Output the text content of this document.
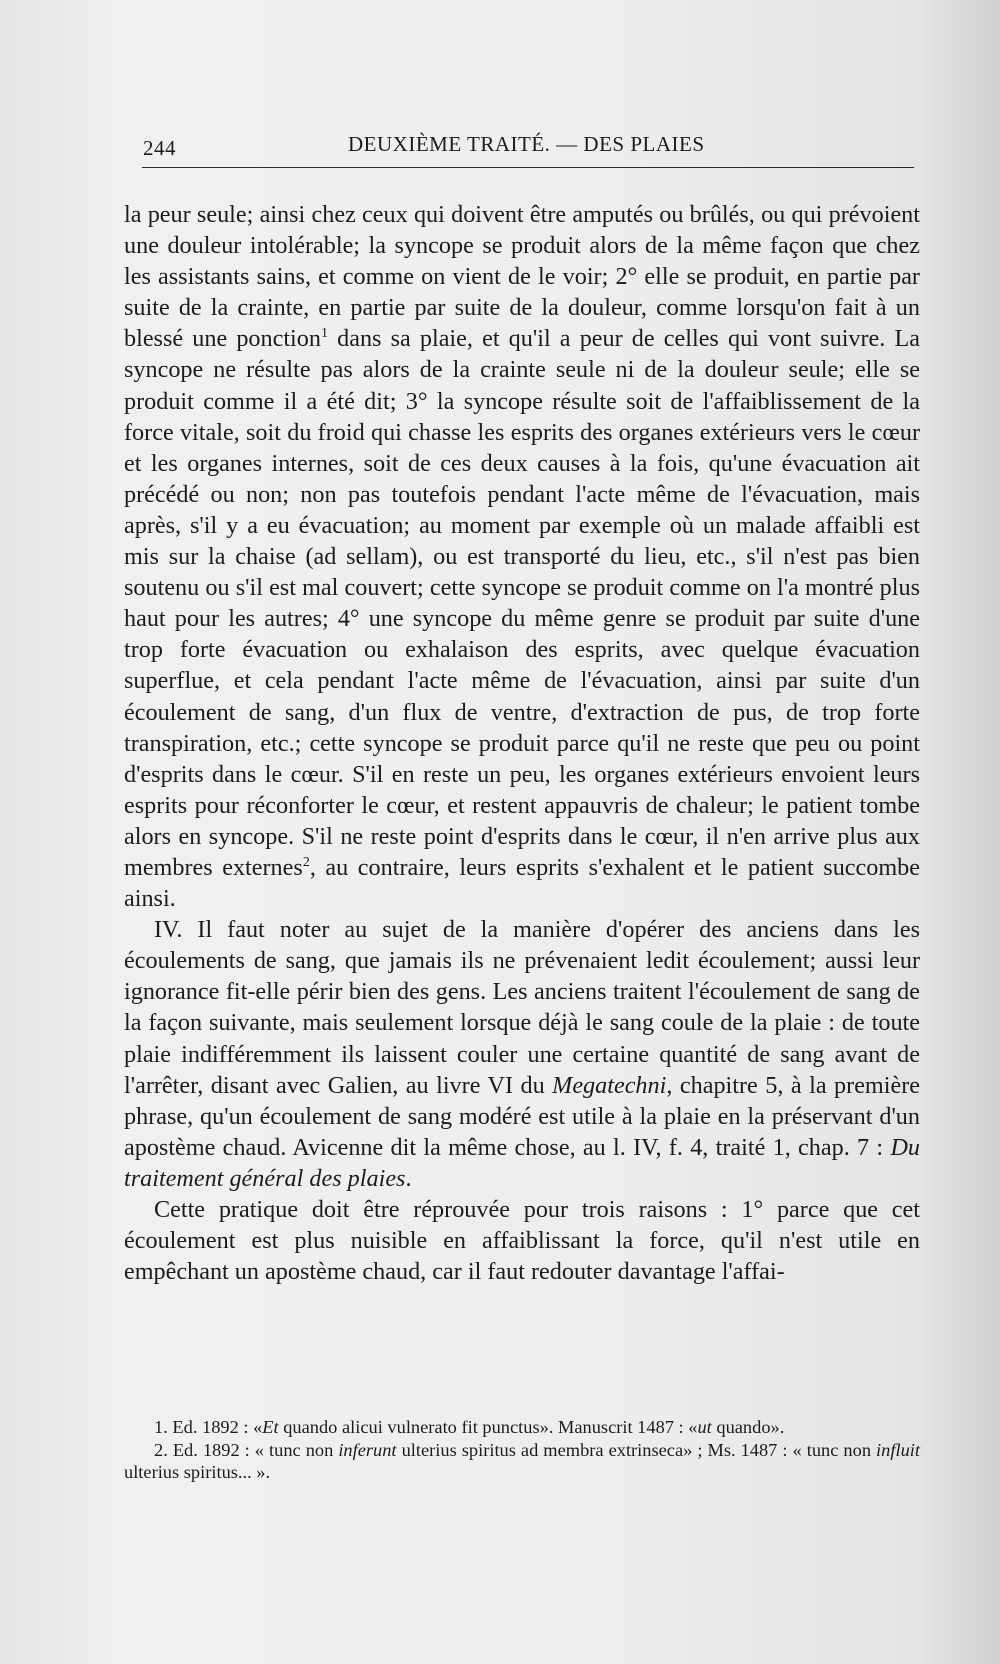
244	DEUXIÈME TRAITÉ. — DES PLAIES

la peur seule; ainsi chez ceux qui doivent être amputés ou brûlés, ou qui prévoient une douleur intolérable; la syncope se produit alors de la même façon que chez les assistants sains, et comme on vient de le voir; 2° elle se produit, en partie par suite de la crainte, en partie par suite de la douleur, comme lorsqu'on fait à un blessé une ponction$^1$ dans sa plaie, et qu'il a peur de celles qui vont suivre. La syncope ne résulte pas alors de la crainte seule ni de la douleur seule; elle se produit comme il a été dit; 3° la syncope résulte soit de l'affaiblissement de la force vitale, soit du froid qui chasse les esprits des organes extérieurs vers le cœur et les organes internes, soit de ces deux causes à la fois, qu'une évacuation ait précédé ou non; non pas toutefois pendant l'acte même de l'évacuation, mais après, s'il y a eu évacuation; au moment par exemple où un malade affaibli est mis sur la chaise (ad sellam), ou est transporté du lieu, etc., s'il n'est pas bien soutenu ou s'il est mal couvert; cette syncope se produit comme on l'a montré plus haut pour les autres; 4° une syncope du même genre se produit par suite d'une trop forte évacuation ou exhalaison des esprits, avec quelque évacuation superflue, et cela pendant l'acte même de l'évacuation, ainsi par suite d'un écoulement de sang, d'un flux de ventre, d'extraction de pus, de trop forte transpiration, etc.; cette syncope se produit parce qu'il ne reste que peu ou point d'esprits dans le cœur. S'il en reste un peu, les organes extérieurs envoient leurs esprits pour réconforter le cœur, et restent appauvris de chaleur; le patient tombe alors en syncope. S'il ne reste point d'esprits dans le cœur, il n'en arrive plus aux membres externes$^2$, au contraire, leurs esprits s'exhalent et le patient succombe ainsi.

IV. Il faut noter au sujet de la manière d'opérer des anciens dans les écoulements de sang, que jamais ils ne prévenaient ledit écoulement; aussi leur ignorance fit-elle périr bien des gens. Les anciens traitent l'écoulement de sang de la façon suivante, mais seulement lorsque déjà le sang coule de la plaie : de toute plaie indifféremment ils laissent couler une certaine quantité de sang avant de l'arrêter, disant avec Galien, au livre VI du Megatechni, chapitre 5, à la première phrase, qu'un écoulement de sang modéré est utile à la plaie en la préservant d'un apostème chaud. Avicenne dit la même chose, au l. IV, f. 4, traité 1, chap. 7 : Du traitement général des plaies.

Cette pratique doit être réprouvée pour trois raisons : 1° parce que cet écoulement est plus nuisible en affaiblissant la force, qu'il n'est utile en empêchant un apostème chaud, car il faut redouter davantage l'affai-

1. Ed. 1892 : «Et quando alicui vulnerato fit punctus». Manuscrit 1487 : «ut quando».

2. Ed. 1892 : « tunc non inferunt ulterius spiritus ad membra extrinseca» ; Ms. 1487 : « tunc non influit ulterius spiritus... ».
